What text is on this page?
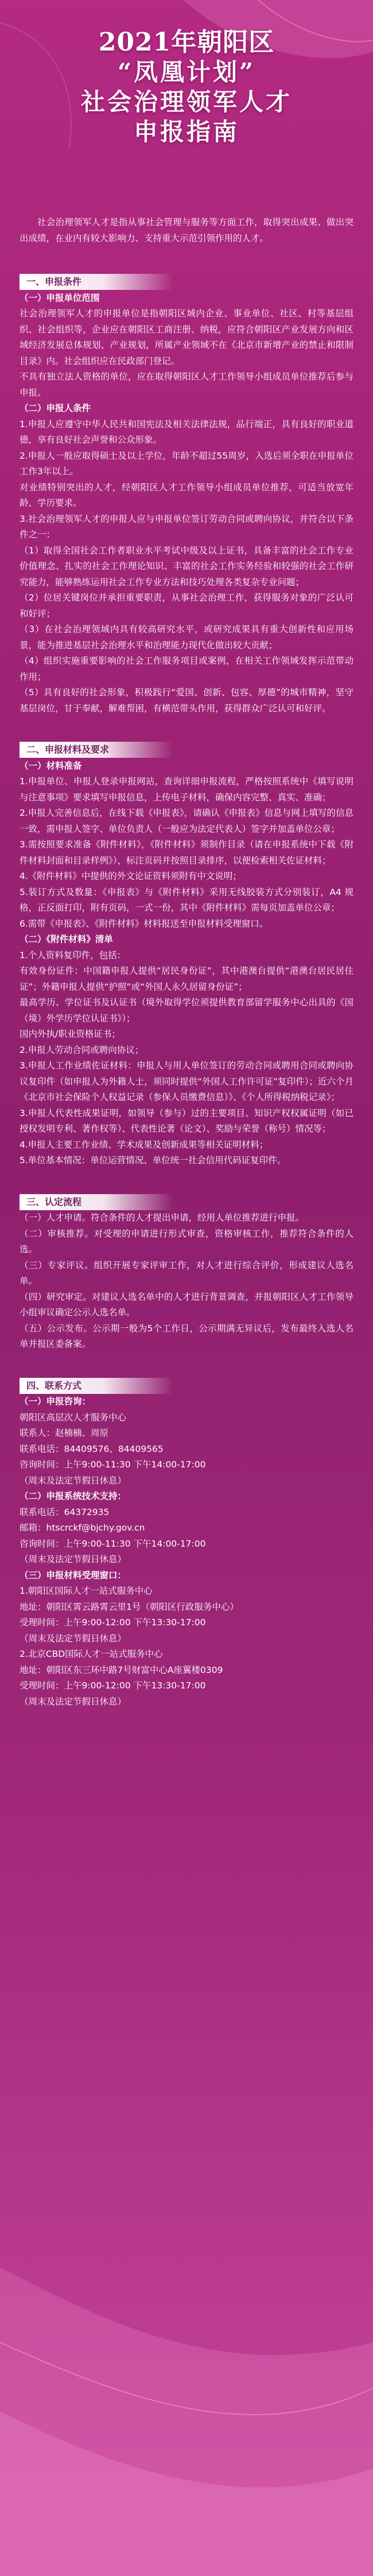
2021年朝阳区
“凤凰计划”
社会治理领军人才
申报指南

社会治理领军人才是指从事社会管理与服务等方面工作，取得突出成果、做出突出成绩，在业内有较大影响力、支持重大示范引领作用的人才。

一、申报条件

（一）申报单位范围

社会治理领军人才的申报单位是指朝阳区域内企业、事业单位、社区、村等基层组织、社会组织等，企业应在朝阳区工商注册、纳税，应符合朝阳区产业发展方向和区域经济发展总体规划、产业规划，所属产业领域不在《北京市新增产业的禁止和限制目录》内。社会组织应在民政部门登记。

不具有独立法人资格的单位，应在取得朝阳区人才工作领导小组成员单位推荐后参与申报。

（二）申报人条件

1.申报人应遵守中华人民共和国宪法及相关法律法规，品行端正，具有良好的职业道德，享有良好社会声誉和公众形象。

2.申报人一般应取得硕士及以上学位，年龄不超过55周岁，入选后须全职在申报单位工作3年以上。

对业绩特别突出的人才，经朝阳区人才工作领导小组成员单位推荐，可适当放宽年龄、学历要求。

3.社会治理领军人才的申报人应与申报单位签订劳动合同或聘向协议，并符合以下条件之一：

（1）取得全国社会工作者职业水平考试中级及以上证书，具备丰富的社会工作专业价值理念、扎实的社会工作理论知识、丰富的社会工作实务经验和较强的社会工作研究能力，能够熟练运用社会工作专业方法和技巧处理各类复杂专业问题；

（2）位居关键岗位并承担重要职责，从事社会治理工作，获得服务对象的广泛认可和好评；

（3）在社会治理领域内具有较高研究水平，或研究成果具有重大创新性和应用场景，能为推进基层社会治理水平和治理能力现代化做出较大贡献；

（4）组织实施重要影响的社会工作服务项目或案例，在相关工作领域发挥示范带动作用；

（5）具有良好的社会形象，积极践行“爱国、创新、包容、厚德”的城市精神，坚守基层岗位，甘于奉献，解难帮困，有横范带头作用，获得群众广泛认可和好评。

二、申报材料及要求

（一）材料准备

1.申报单位、申报人登录申报网站，查询详细申报流程，严格按照系统中《填写说明与注意事项》要求填写申报信息，上传电子材料，确保内容完整、真实、准确；

2.申报人完善信息后，在线下载《申报表》，请确认《申报表》信息与网上填写的信息一致，需申报人签字、单位负责人（一般应为法定代表人）签字并加盖单位公章；

3.需按照要求准备《附件材料》，《附件材料》须制作目录（请在申报系统中下载《附件材料封面和目录样例》），标注页码并按照目录排序，以便检索相关佐证材料；

4.《附件材料》中提供的外文论证资料须附有中文说明；

5.装订方式及数量：《申报表》与《附件材料》采用无线胶装方式分别装订，A4 规格，正反面打印，附有页码，一式一份，其中《附件材料》需每页加盖单位公章；

6.需带《申报表》、《附件材料》材料报送至申报材料受理窗口。

（二）《附件材料》清单

1.个人资料复印件，包括：

有效身份证件：中国籍申报人提供“居民身份证”，其中港澳台提供“港澳台居民居住证”；外籍申报人提供“护照”或“外国人永久居留身份证”；

最高学历、学位证书及认证书（境外取得学位须提供教育部留学服务中心出具的《国（境）外学历学位认证书》）；

国内外执/职业资格证书；

2.申报人劳动合同或聘向协议；

3.申报人工作业绩佐证材料：申报人与用人单位签订的劳动合同或聘用合同或聘向协议复印件（如申报人为外籍人士，须同时提供“外国人工作许可证”复印件）；近六个月《北京市社会保险个人权益记录（参保人员缴费信息）》、《个人所得税纳税记录》；

3.申报人代表性成果证明，如领导（参与）过的主要项目、知识产权权属证明（如已授权发明专利、著作权等）、代表性论著（论文）、奖励与荣誉（称号）情况等；

4.申报人主要工作业绩、学术成果及创新成果等相关证明材料；

5.单位基本情况：单位运营情况、单位统一社会信用代码证复印件。

三、认定流程

（一）人才申请。符合条件的人才提出申请，经用人单位推荐进行申报。

（二）审核推荐。对受理的申请进行形式审查，资格审核工作，推荐符合条件的人选。

（三）专家评议。组织开展专家评审工作，对人才进行综合评价，形成建议人选名单。

（四）研究审定。对建议人选名单中的人才进行背景调查，并报朝阳区人才工作领导小组审议确定公示人选名单。

（五）公示发布。公示期一般为5个工作日，公示期满无异议后，发布最终入选人名单并报区委备案。

四、联系方式

（一）申报咨询：

朝阳区高层次人才服务中心

联系人：赵楠楠、周原

联系电话：84409576、84409565

咨询时间：上午9:00-11:30 下午14:00-17:00

（周末及法定节假日休息）

（二）申报系统技术支持：

联系电话：64372935

邮箱：htscrckf@bjchy.gov.cn

咨询时间：上午9:00-11:30 下午14:00-17:00

（周末及法定节假日休息）

（三）申报材料受理窗口：

1.朝阳区国际人才一站式服务中心

地址：朝阳区霄云路霄云里1号（朝阳区行政服务中心）

受理时间：上午9:00-12:00 下午13:30-17:00

（周末及法定节假日休息）

2.北京CBD国际人才一站式服务中心

地址：朝阳区东三环中路7号财富中心A座翼楼0309

受理时间：上午9:00-12:00 下午13:30-17:00

（周末及法定节假日休息）
